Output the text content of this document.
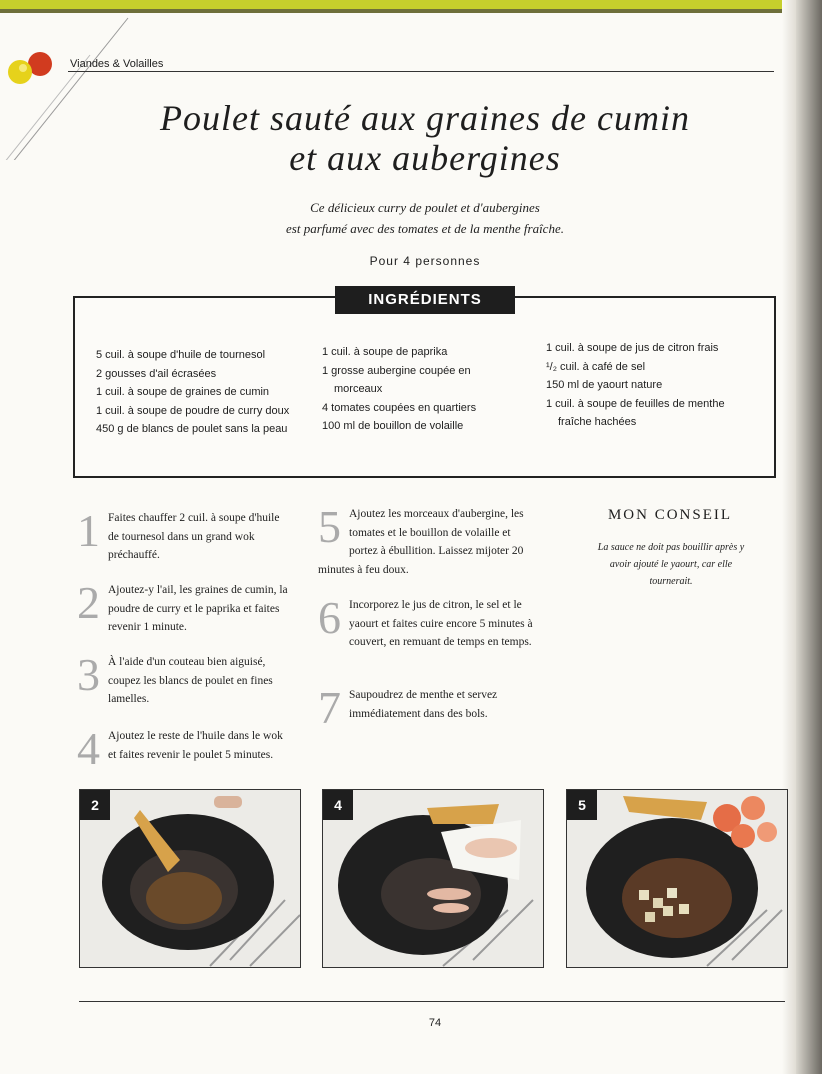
Viandes & Volailles
Poulet sauté aux graines de cumin
et aux aubergines
Ce délicieux curry de poulet et d'aubergines
est parfumé avec des tomates et de la menthe fraîche.
Pour 4 personnes
INGRÉDIENTS
5 cuil. à soupe d'huile de tournesol
2 gousses d'ail écrasées
1 cuil. à soupe de graines de cumin
1 cuil. à soupe de poudre de curry doux
450 g de blancs de poulet sans la peau
1 cuil. à soupe de paprika
1 grosse aubergine coupée en
morceaux
4 tomates coupées en quartiers
100 ml de bouillon de volaille
1 cuil. à soupe de jus de citron frais
¹/₂ cuil. à café de sel
150 ml de yaourt nature
1 cuil. à soupe de feuilles de menthe
fraîche hachées
1 Faites chauffer 2 cuil. à soupe d'huile de tournesol dans un grand wok préchauffé.
2 Ajoutez-y l'ail, les graines de cumin, la poudre de curry et le paprika et faites revenir 1 minute.
3 À l'aide d'un couteau bien aiguisé, coupez les blancs de poulet en fines lamelles.
4 Ajoutez le reste de l'huile dans le wok et faites revenir le poulet 5 minutes.
5 Ajoutez les morceaux d'aubergine, les tomates et le bouillon de volaille et portez à ébullition. Laissez mijoter 20 minutes à feu doux.
6 Incorporez le jus de citron, le sel et le yaourt et faites cuire encore 5 minutes à couvert, en remuant de temps en temps.
7 Saupoudrez de menthe et servez immédiatement dans des bols.
MON CONSEIL
La sauce ne doit pas bouillir après y avoir ajouté le yaourt, car elle tournerait.
2	4	5
74
